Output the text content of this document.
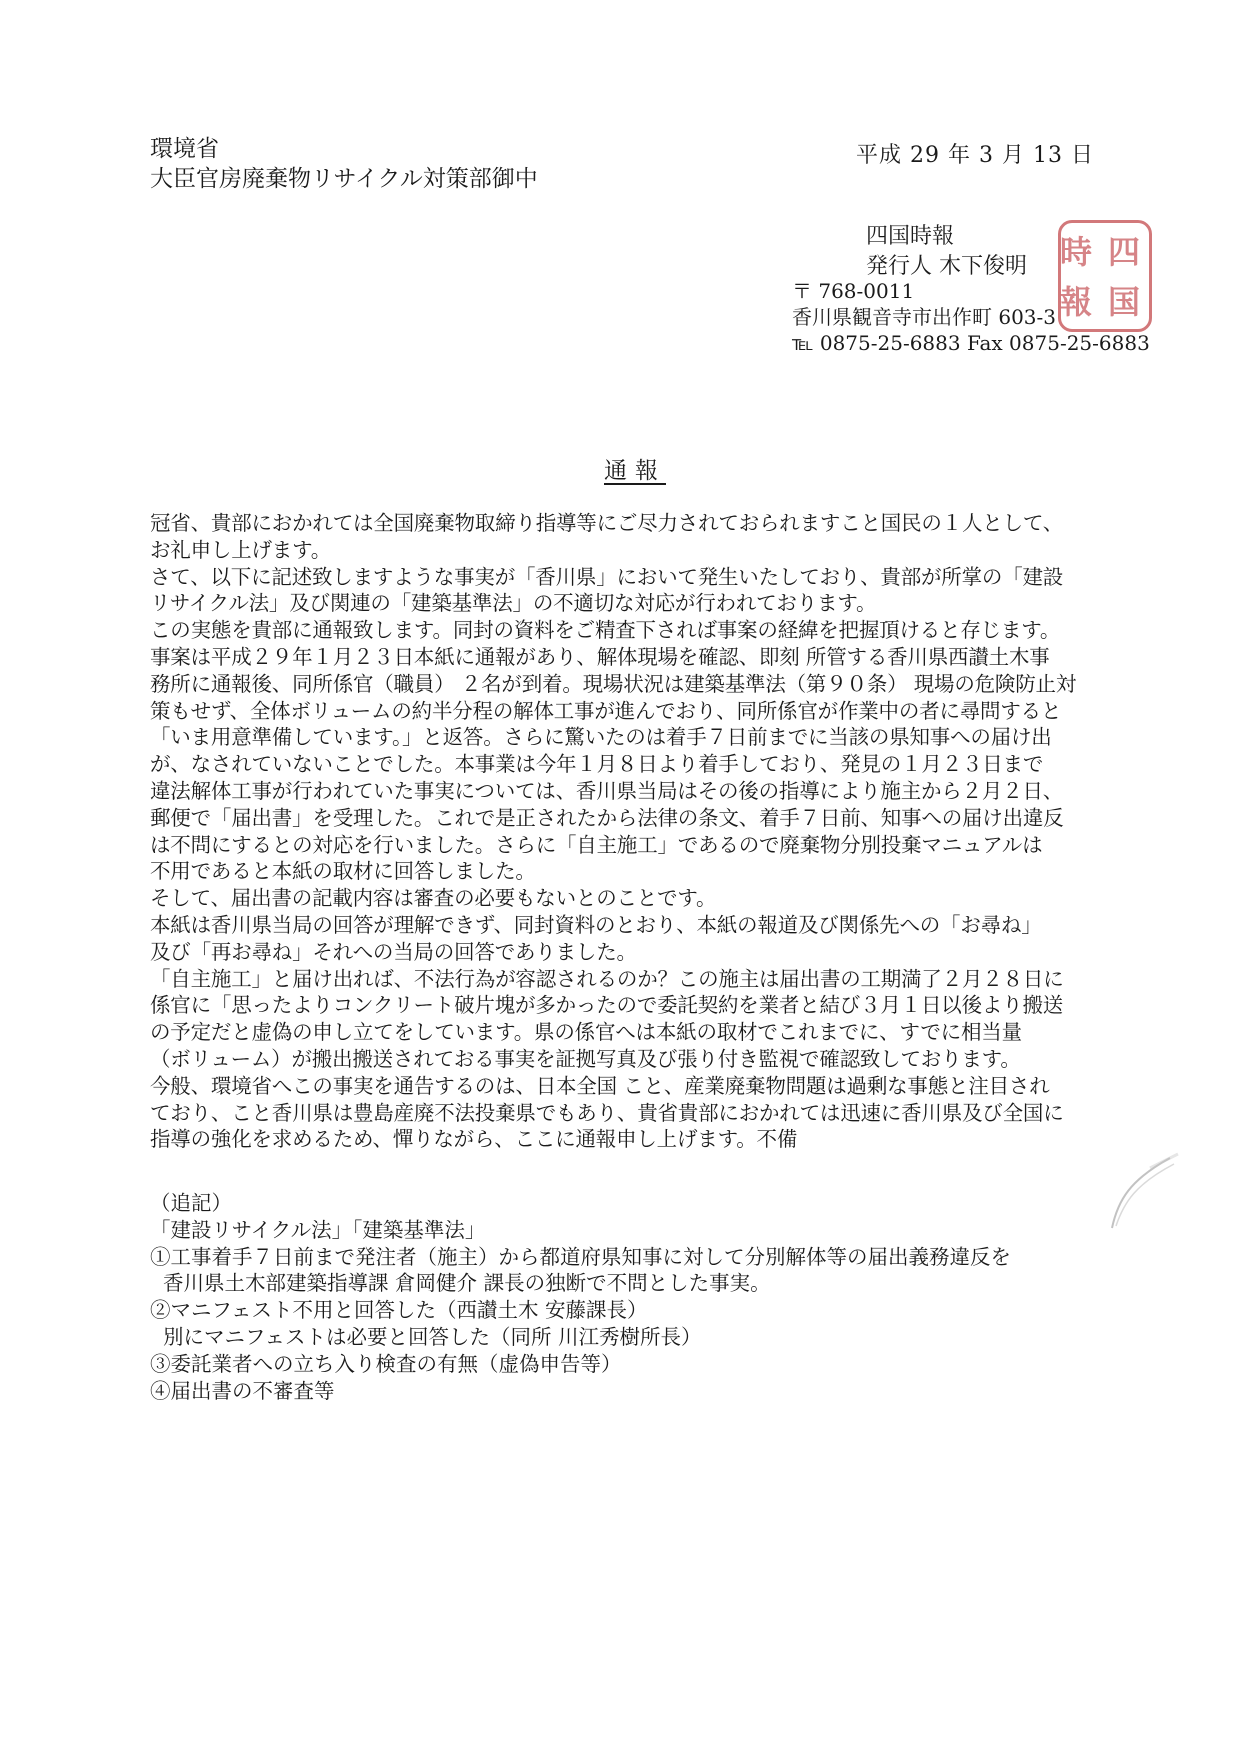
環境省
大臣官房廃棄物リサイクル対策部御中
平成 29 年 3 月 13 日
四国時報
発行人 木下俊明
〒 768-0011
香川県観音寺市出作町 603-3
℡ 0875-25-6883 Fax 0875-25-6883
四
国
時
報
通報
冠省、貴部におかれては全国廃棄物取締り指導等にご尽力されておられますこと国民の１人として、
お礼申し上げます。
さて、以下に記述致しますような事実が「香川県」において発生いたしており、貴部が所掌の「建設
リサイクル法」及び関連の「建築基準法」の不適切な対応が行われております。
この実態を貴部に通報致します。同封の資料をご精査下されば事案の経緯を把握頂けると存じます。
事案は平成２９年１月２３日本紙に通報があり、解体現場を確認、即刻 所管する香川県西讃土木事
務所に通報後、同所係官（職員） ２名が到着。現場状況は建築基準法（第９０条） 現場の危険防止対
策もせず、全体ボリュームの約半分程の解体工事が進んでおり、同所係官が作業中の者に尋問すると
「いま用意準備しています。」と返答。さらに驚いたのは着手７日前までに当該の県知事への届け出
が、なされていないことでした。本事業は今年１月８日より着手しており、発見の１月２３日まで
違法解体工事が行われていた事実については、香川県当局はその後の指導により施主から２月２日、
郵便で「届出書」を受理した。これで是正されたから法律の条文、着手７日前、知事への届け出違反
は不問にするとの対応を行いました。さらに「自主施工」であるので廃棄物分別投棄マニュアルは
不用であると本紙の取材に回答しました。
そして、届出書の記載内容は審査の必要もないとのことです。
本紙は香川県当局の回答が理解できず、同封資料のとおり、本紙の報道及び関係先への「お尋ね」
及び「再お尋ね」それへの当局の回答でありました。
「自主施工」と届け出れば、不法行為が容認されるのか？この施主は届出書の工期満了２月２８日に
係官に「思ったよりコンクリート破片塊が多かったので委託契約を業者と結び３月１日以後より搬送
の予定だと虚偽の申し立てをしています。県の係官へは本紙の取材でこれまでに、すでに相当量
（ボリューム）が搬出搬送されておる事実を証拠写真及び張り付き監視で確認致しております。
今般、環境省へこの事実を通告するのは、日本全国 こと、産業廃棄物問題は過剰な事態と注目され
ており、こと香川県は豊島産廃不法投棄県でもあり、貴省貴部におかれては迅速に香川県及び全国に
指導の強化を求めるため、憚りながら、ここに通報申し上げます。不備
（追記）
「建設リサイクル法」「建築基準法」
①工事着手７日前まで発注者（施主）から都道府県知事に対して分別解体等の届出義務違反を
香川県土木部建築指導課 倉岡健介 課長の独断で不問とした事実。
②マニフェスト不用と回答した（西讃土木 安藤課長）
別にマニフェストは必要と回答した（同所 川江秀樹所長）
③委託業者への立ち入り検査の有無（虚偽申告等）
④届出書の不審査等
